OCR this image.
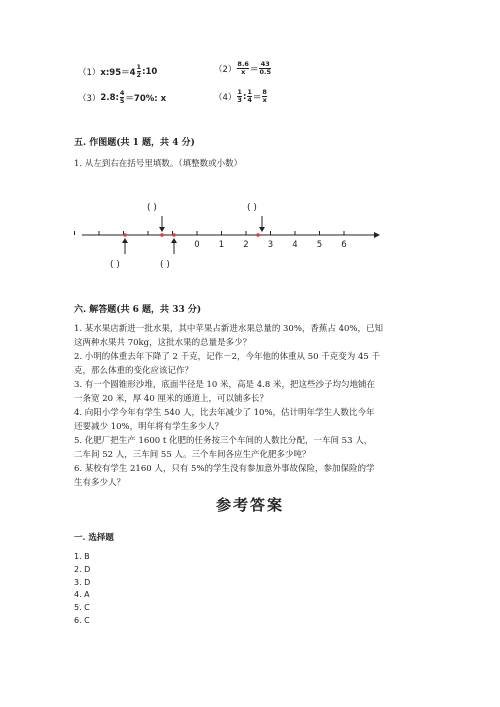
（1） x:95＝4 $\frac{1}{2}$ :10	$(2) \frac{8.6}{x} = \frac{43}{0.5}$
（3） 2.8: $\frac{4}{5} =70\%$: x	$(4) \frac{1}{3}$ : $\frac{1}{4} = \frac{8}{x}$
五. 作图题(共 1 题，共 4 分)
1. 从左到右在括号里填数。（填整数或小数）
0 1 2 3 4 5 6
( )	( )
( )	( )
六. 解答题(共 6 题，共 33 分)
1. 某水果店新进一批水果，其中苹果占新进水果总量的 30%，香蕉占 40%，已知
这两种水果共 70kg，这批水果的总量是多少？
2. 小明的体重去年下降了 2 千克，记作－2，今年他的体重从 50 千克变为 45 千
克，那么体重的变化应该记作？
3. 有一个圆锥形沙堆，底面半径是 10 米，高是 4.8 米，把这些沙子均匀地铺在
一条宽 20 米，厚 40 厘米的通道上，可以铺多长？
4. 向阳小学今年有学生 540 人，比去年减少了 10%，估计明年学生人数比今年
还要减少 10%，明年将有学生多少人？
5. 化肥厂把生产 1600 t 化肥的任务按三个车间的人数比分配，一车间 53 人，
二车间 52 人，三车间 55 人。三个车间各应生产化肥多少吨？
6. 某校有学生 2160 人，只有 5%的学生没有参加意外事故保险，参加保险的学
生有多少人？
参考答案
一. 选择题
1. B
2. D
3. D
4. A
5. C
6. C
